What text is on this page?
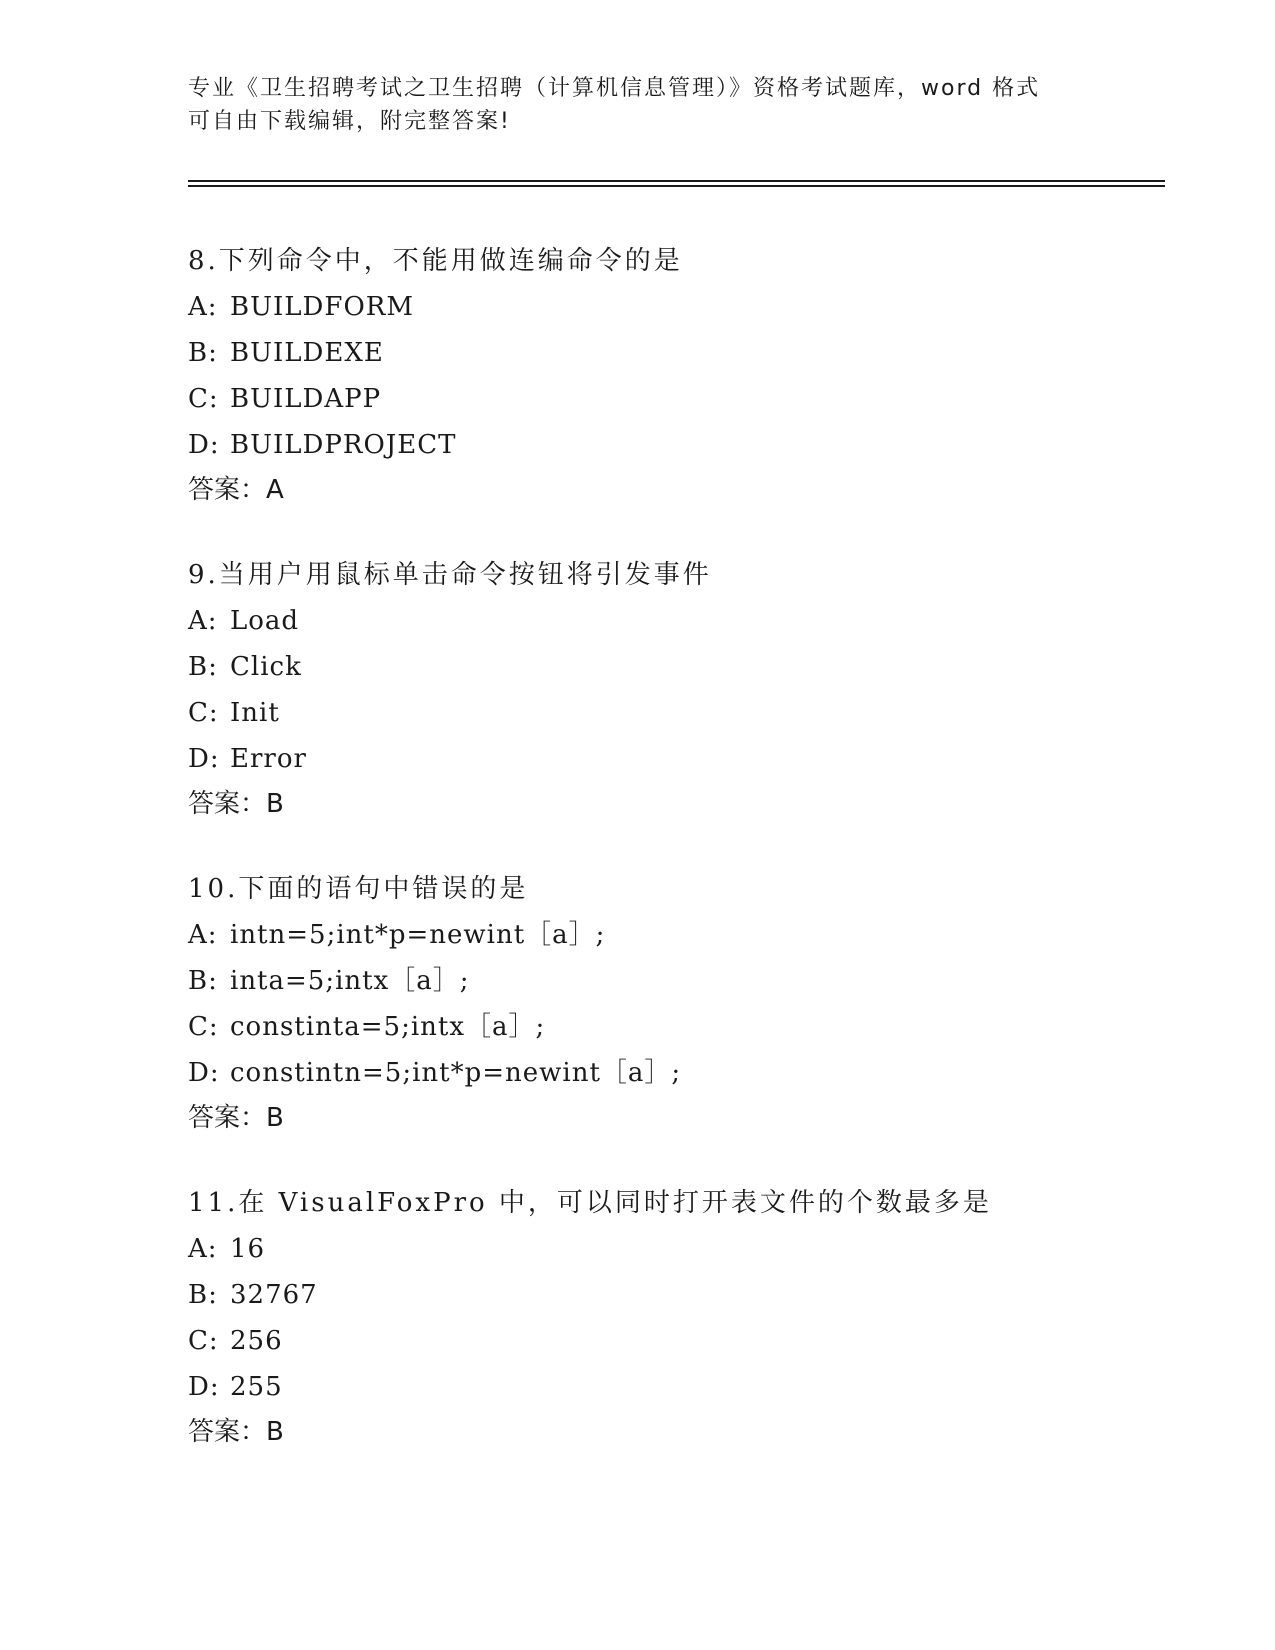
专业《卫生招聘考试之卫生招聘（计算机信息管理）》资格考试题库，word 格式
可自由下载编辑，附完整答案!
8.下列命令中，不能用做连编命令的是
A: BUILDFORM
B: BUILDEXE
C: BUILDAPP
D: BUILDPROJECT
答案：A
9.当用户用鼠标单击命令按钮将引发事件
A: Load
B: Click
C: Init
D: Error
答案：B
10.下面的语句中错误的是
A: intn=5;int*p=newint［a］;
B: inta=5;intx［a］;
C: constinta=5;intx［a］;
D: constintn=5;int*p=newint［a］;
答案：B
11.在 VisualFoxPro 中，可以同时打开表文件的个数最多是
A: 16
B: 32767
C: 256
D: 255
答案：B
